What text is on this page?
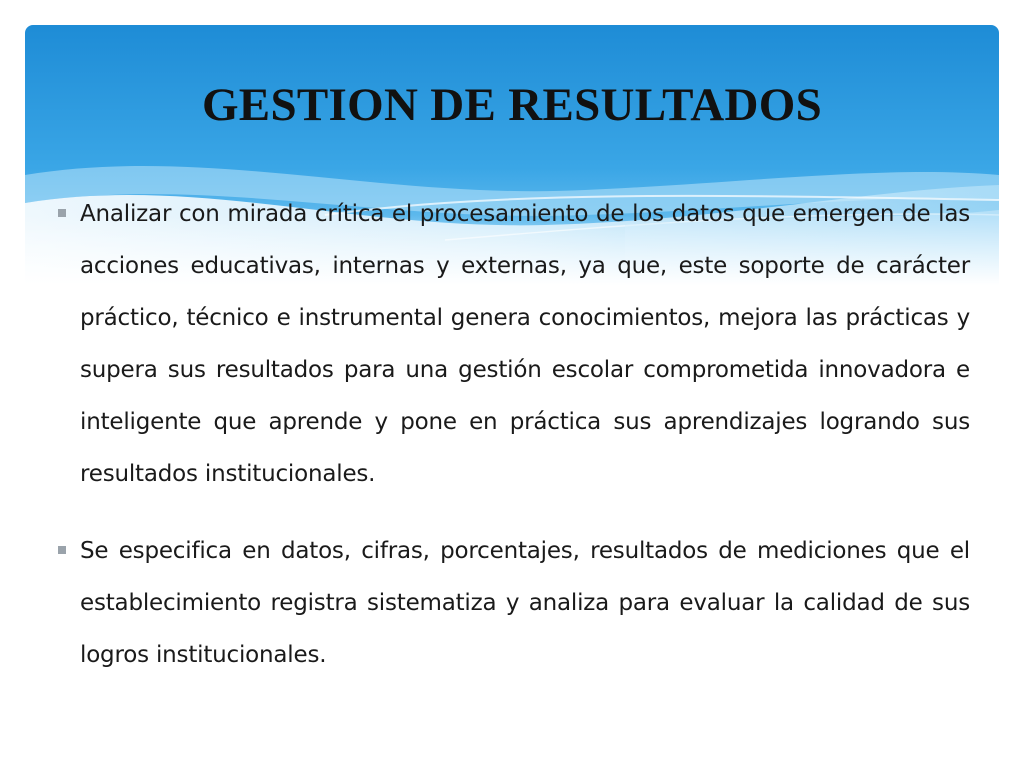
GESTION DE RESULTADOS
Analizar con mirada crítica el procesamiento de los datos que emergen de las acciones educativas, internas y externas, ya que, este soporte de carácter práctico, técnico e instrumental genera conocimientos, mejora las prácticas y supera sus resultados para una gestión escolar comprometida innovadora e inteligente que aprende y pone en práctica sus aprendizajes logrando sus resultados institucionales.
Se especifica en datos, cifras, porcentajes, resultados de mediciones que el establecimiento registra sistematiza y analiza para evaluar la calidad de sus logros institucionales.
